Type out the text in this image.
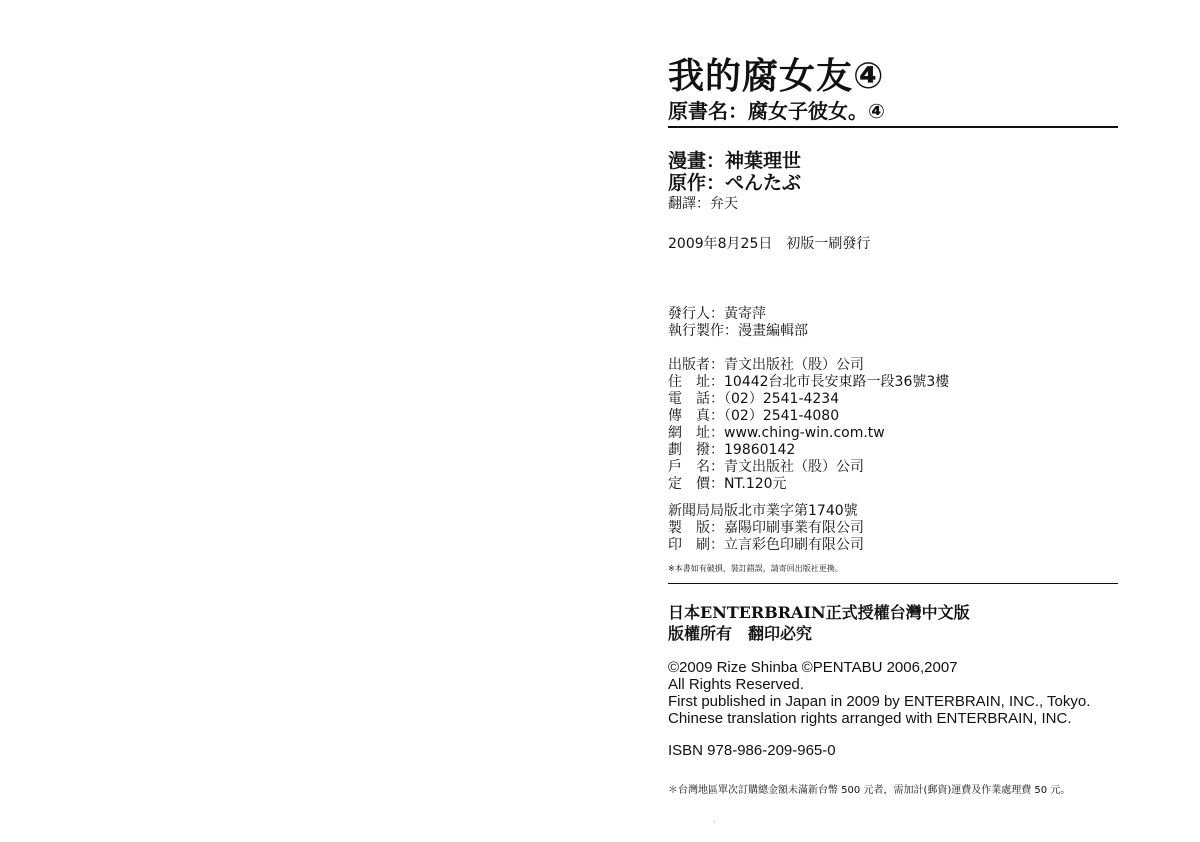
我的腐女友④
原書名：腐女子彼女。④
漫畫：神葉理世
原作：ぺんたぶ
翻譯：弁天
2009年8月25日　初版一刷發行
發行人：黃寄萍
執行製作：漫畫編輯部
出版者：青文出版社（股）公司
住　址：10442台北市長安東路一段36號3樓
電　話：（02）2541-4234
傳　真：（02）2541-4080
網　址：www.ching-win.com.tw
劃　撥：19860142
戶　名：青文出版社（股）公司
定　價：NT.120元
新聞局局版北市業字第1740號
製　版：嘉陽印刷事業有限公司
印　刷：立言彩色印刷有限公司
※本書如有破損、裝訂錯誤，請寄回出版社更換。
日本ENTERBRAIN正式授權台灣中文版
版權所有　翻印必究
©2009 Rize Shinba ©PENTABU 2006,2007
All Rights Reserved.
First published in Japan in 2009 by ENTERBRAIN, INC., Tokyo.
Chinese translation rights arranged with ENTERBRAIN, INC.
ISBN 978-986-209-965-0
＊台灣地區單次訂購總金額未滿新台幣 500 元者，需加計(郵資)運費及作業處理費 50 元。
·
